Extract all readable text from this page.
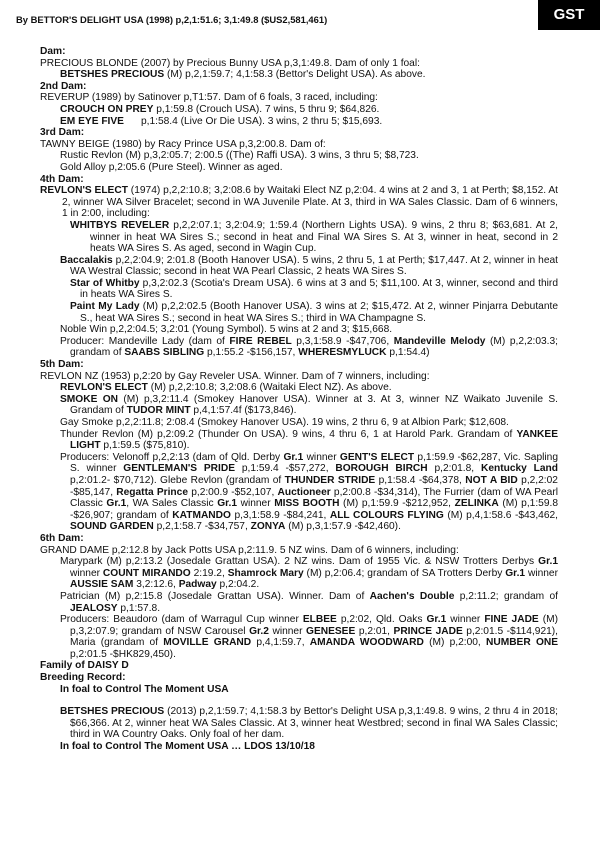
GST
By BETTOR'S DELIGHT USA (1998) p,2,1:51.6; 3,1:49.8 ($US2,581,461)

Dam:

PRECIOUS BLONDE (2007) by Precious Bunny USA p,3,1:49.8. Dam of only 1 foal:

BETSHES PRECIOUS (M) p,2,1:59.7; 4,1:58.3 (Bettor's Delight USA). As above.

2nd Dam:

REVERUP (1989) by Satinover p,T1:57. Dam of 6 foals, 3 raced, including:

CROUCH ON PREY p,1:59.8 (Crouch USA). 7 wins, 5 thru 9; $64,826.

EM EYE FIVE      p,1:58.4 (Live Or Die USA). 3 wins, 2 thru 5; $15,693.

3rd Dam:

TAWNY BEIGE (1980) by Racy Prince USA p,3,2:00.8. Dam of:

Rustic Revlon (M) p,3,2:05.7; 2:00.5 ((The) Raffi USA). 3 wins, 3 thru 5; $8,723.

Gold Alloy p,2:05.6 (Pure Steel). Winner as aged.

4th Dam:

REVLON'S ELECT (1974) p,2,2:10.8; 3,2:08.6 by Waitaki Elect NZ p,2:04. 4 wins at 2 and 3, 1 at Perth; $8,152. At 2, winner WA Silver Bracelet; second in WA Juvenile Plate. At 3, third in WA Sales Classic. Dam of 6 winners, 1 in 2:00, including:

WHITBYS REVELER p,2,2:07.1; 3,2:04.9; 1:59.4 (Northern Lights USA). 9 wins, 2 thru 8; $63,681. At 2, winner in heat WA Sires S.; second in heat and Final WA Sires S. At 3, winner in heat, second in 2 heats WA Sires S. As aged, second in Wagin Cup.

Baccalakis p,2,2:04.9; 2:01.8 (Booth Hanover USA). 5 wins, 2 thru 5, 1 at Perth; $17,447. At 2, winner in heat WA Westral Classic; second in heat WA Pearl Classic, 2 heats WA Sires S.

Star of Whitby p,3,2:02.3 (Scotia's Dream USA). 6 wins at 3 and 5; $11,100. At 3, winner, second and third in heats WA Sires S.

Paint My Lady (M) p,2,2:02.5 (Booth Hanover USA). 3 wins at 2; $15,472. At 2, winner Pinjarra Debutante S., heat WA Sires S.; second in heat WA Sires S.; third in WA Champagne S.

Noble Win p,2,2:04.5; 3,2:01 (Young Symbol). 5 wins at 2 and 3; $15,668.

Producer: Mandeville Lady (dam of FIRE REBEL p,3,1:58.9 -$47,706, Mandeville Melody (M) p,2,2:03.3; grandam of SAABS SIBLING p,1:55.2 -$156,157, WHERESMYLUCK p,1:54.4)

5th Dam:

REVLON NZ (1953) p,2:20 by Gay Reveler USA. Winner. Dam of 7 winners, including:

REVLON'S ELECT (M) p,2,2:10.8; 3,2:08.6 (Waitaki Elect NZ). As above.

SMOKE ON (M) p,3,2:11.4 (Smokey Hanover USA). Winner at 3. At 3, winner NZ Waikato Juvenile S. Grandam of TUDOR MINT p,4,1:57.4f ($173,846).

Gay Smoke p,2,2:11.8; 2:08.4 (Smokey Hanover USA). 19 wins, 2 thru 6, 9 at Albion Park; $12,608.

Thunder Revlon (M) p,2:09.2 (Thunder On USA). 9 wins, 4 thru 6, 1 at Harold Park. Grandam of YANKEE LIGHT p,1:59.5 ($75,810).

Producers: Velonoff p,2,2:13 (dam of Qld. Derby Gr.1 winner GENT'S ELECT p,1:59.9 -$62,287, Vic. Sapling S. winner GENTLEMAN'S PRIDE p,1:59.4 -$57,272, BOROUGH BIRCH p,2:01.8, Kentucky Land p,2:01.2- $70,712). Glebe Revlon (grandam of THUNDER STRIDE p,1:58.4 -$64,378, NOT A BID p,2,2:02 -$85,147, Regatta Prince p,2:00.9 -$52,107, Auctioneer p,2:00.8 -$34,314), The Furrier (dam of WA Pearl Classic Gr.1, WA Sales Classic Gr.1 winner MISS BOOTH (M) p,1:59.9 -$212,952, ZELINKA (M) p,1:59.8 -$26,907; grandam of KATMANDO p,3,1:58.9 -$84,241, ALL COLOURS FLYING (M) p,4,1:58.6 -$43,462, SOUND GARDEN p,2,1:58.7 -$34,757, ZONYA (M) p,3,1:57.9 -$42,460).

6th Dam:

GRAND DAME p,2:12.8 by Jack Potts USA p,2:11.9. 5 NZ wins. Dam of 6 winners, including:

Marypark (M) p,2:13.2 (Josedale Grattan USA). 2 NZ wins. Dam of 1955 Vic. & NSW Trotters Derbys Gr.1 winner COUNT MIRANDO 2:19.2, Shamrock Mary (M) p,2:06.4; grandam of SA Trotters Derby Gr.1 winner AUSSIE SAM 3,2:12.6, Padway p,2:04.2.

Patrician (M) p,2:15.8 (Josedale Grattan USA). Winner. Dam of Aachen's Double p,2:11.2; grandam of JEALOSY p,1:57.8.

Producers: Beaudoro (dam of Warragul Cup winner ELBEE p,2:02, Qld. Oaks Gr.1 winner FINE JADE (M) p,3,2:07.9; grandam of NSW Carousel Gr.2 winner GENESEE p,2:01, PRINCE JADE p,2:01.5 -$114,921), Maria (grandam of MOVILLE GRAND p,4,1:59.7, AMANDA WOODWARD (M) p,2:00, NUMBER ONE p,2:01.5 -$HK829,450).

Family of DAISY D

Breeding Record:

In foal to Control The Moment USA

BETSHES PRECIOUS (2013) p,2,1:59.7; 4,1:58.3 by Bettor's Delight USA p,3,1:49.8. 9 wins, 2 thru 4 in 2018; $66,366. At 2, winner heat WA Sales Classic. At 3, winner heat Westbred; second in final WA Sales Classic; third in WA Country Oaks. Only foal of her dam.

In foal to Control The Moment USA … LDOS 13/10/18
